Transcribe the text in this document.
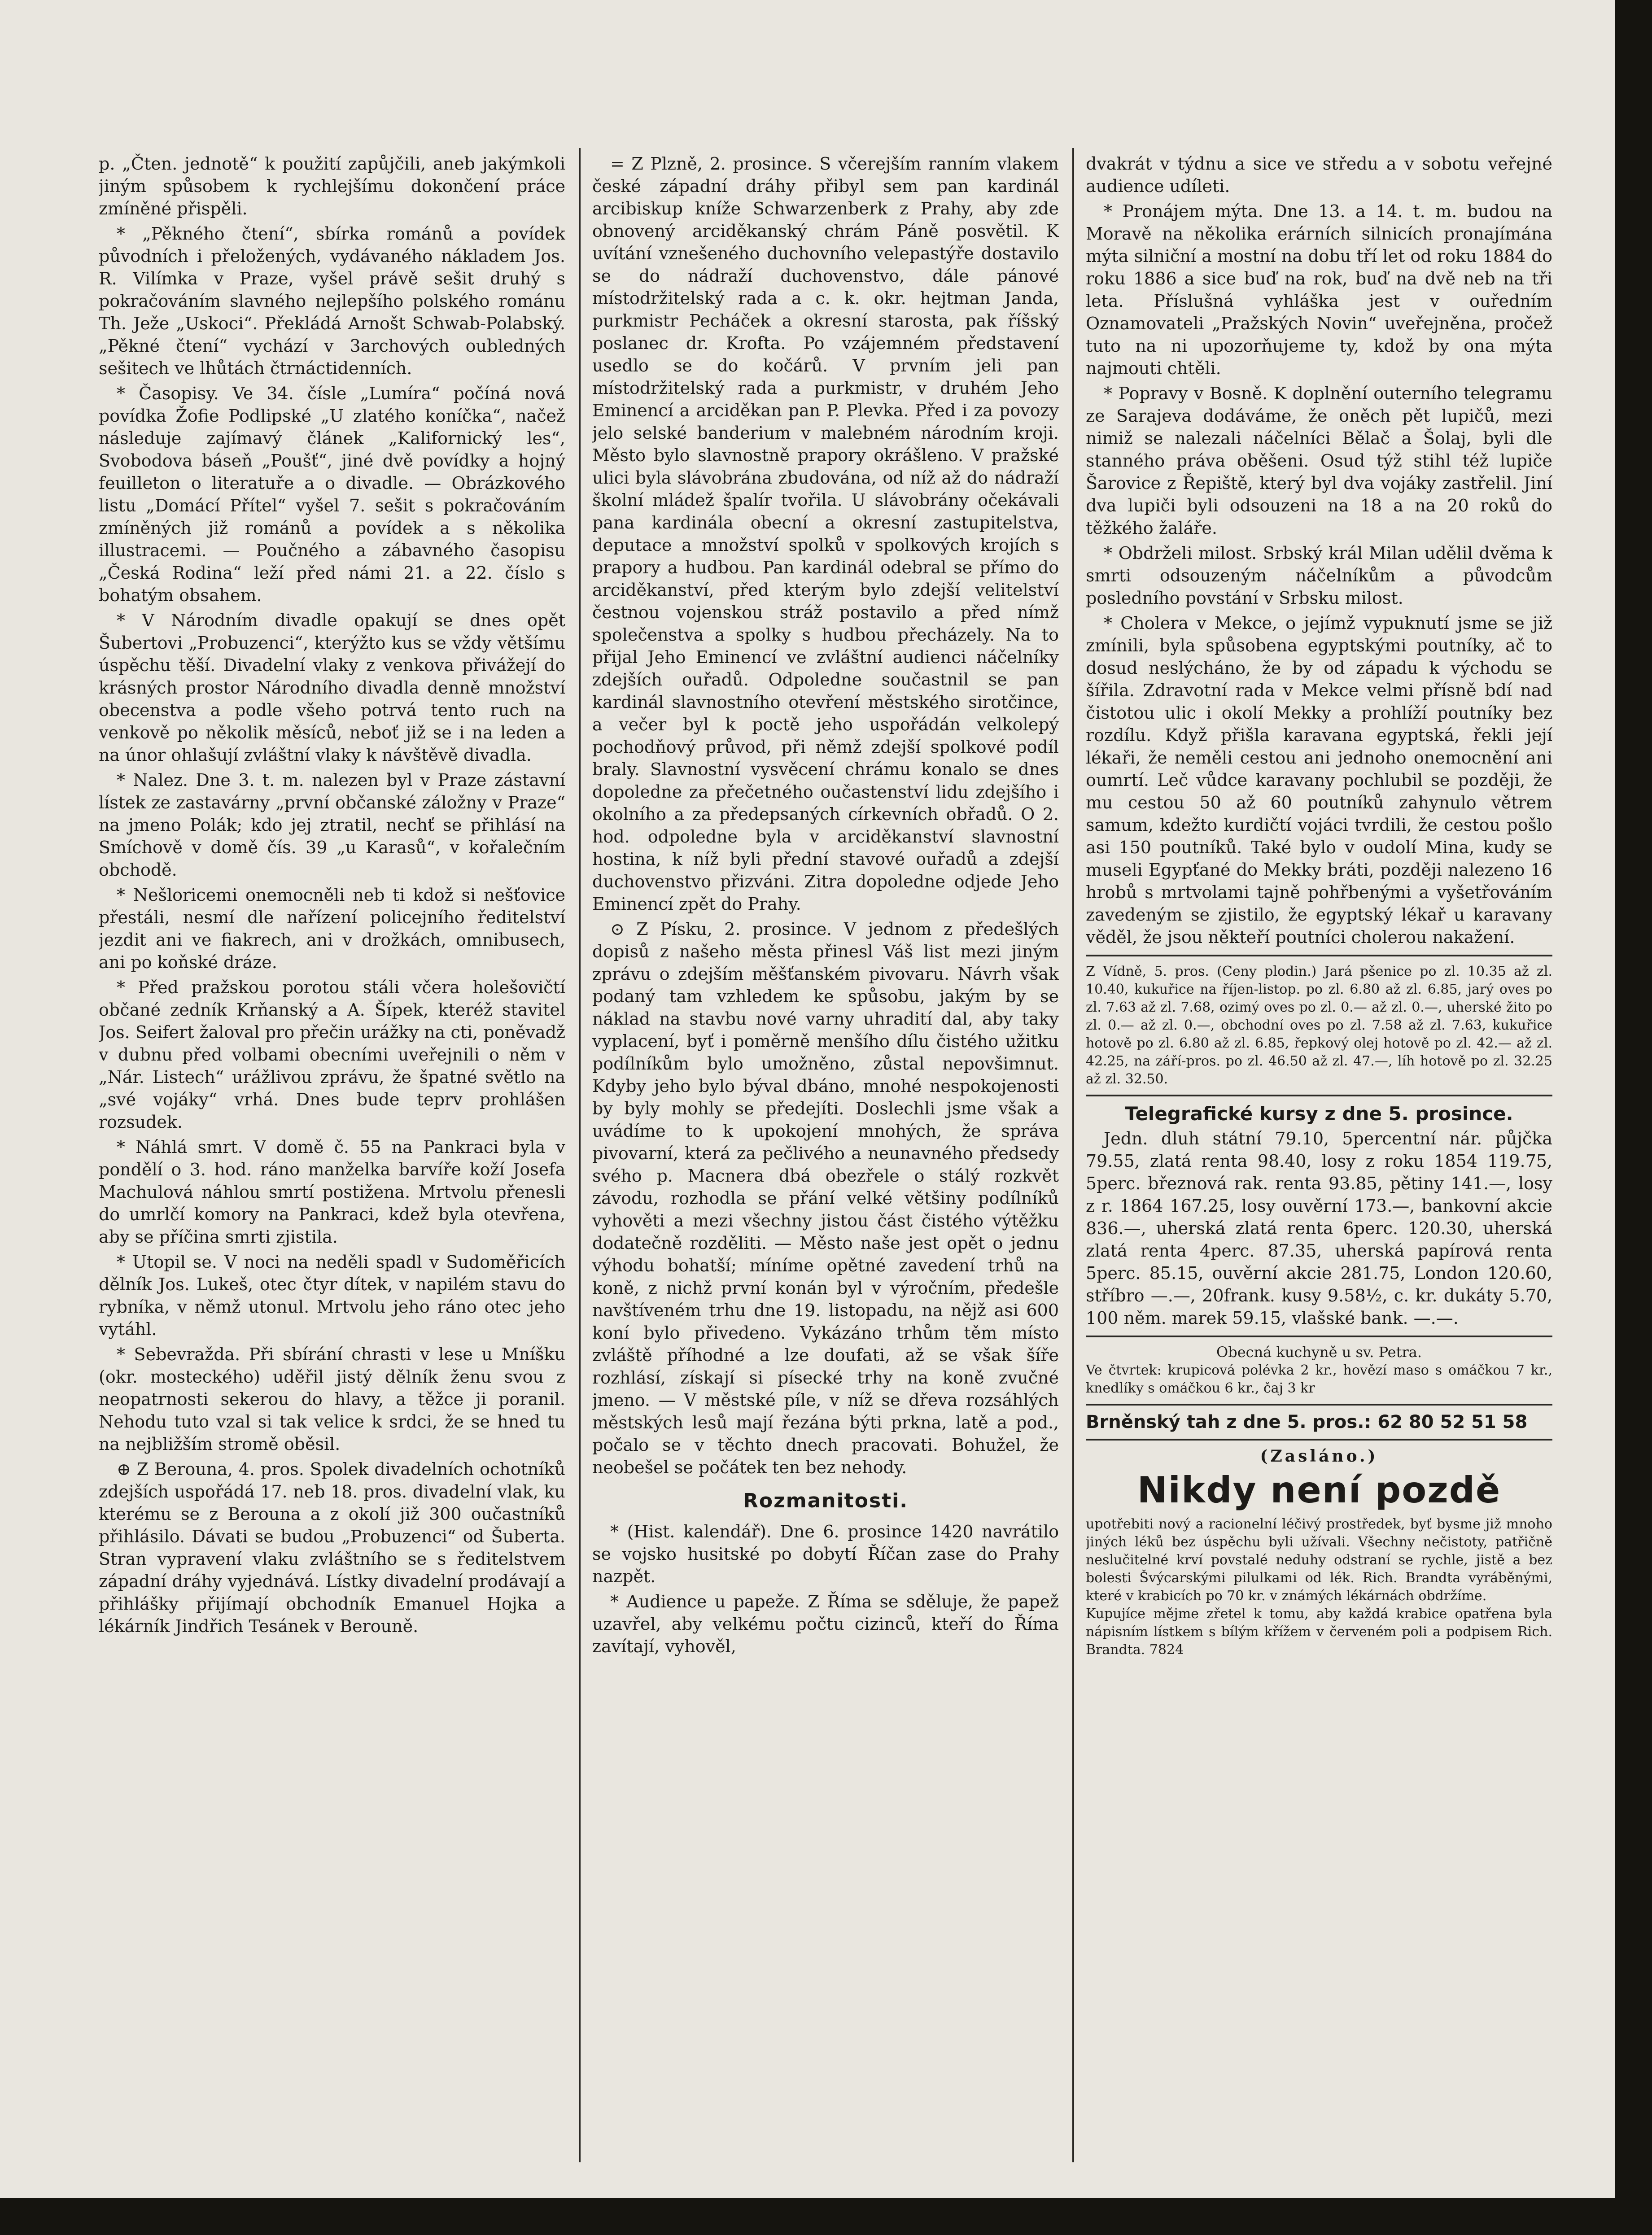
p. „Čten. jednotě“ k použití zapůjčili, aneb jakýmkoli jiným spůsobem k rychlejšímu dokončení práce zmíněné přispěli.

* „Pěkného čtení“, sbírka románů a povídek původních i přeložených, vydávaného nákladem Jos. R. Vilímka v Praze, vyšel právě sešit druhý s pokračováním slavného nejlepšího polského románu Th. Ježe „Uskoci“. Překládá Arnošt Schwab-Polabský. „Pěkné čtení“ vychází v 3archových oubledných sešitech ve lhůtách čtrnáctidenních.

* Časopisy. Ve 34. čísle „Lumíra“ počíná nová povídka Žofie Podlipské „U zlatého koníčka“, načež následuje zajímavý článek „Kalifornický les“, Svobodova báseň „Poušť“, jiné dvě povídky a hojný feuilleton o literatuře a o divadle. — Obrázkového listu „Domácí Přítel“ vyšel 7. sešit s pokračováním zmíněných již románů a povídek a s několika illustracemi. — Poučného a zábavného časopisu „Česká Rodina“ leží před námi 21. a 22. číslo s bohatým obsahem.

* V Národním divadle opakují se dnes opět Šubertovi „Probuzenci“, kterýžto kus se vždy většímu úspěchu těší. Divadelní vlaky z venkova přivážejí do krásných prostor Národního divadla denně množství obecenstva a podle všeho potrvá tento ruch na venkově po několik měsíců, neboť již se i na leden a na únor ohlašují zvláštní vlaky k návštěvě divadla.

* Nalez. Dne 3. t. m. nalezen byl v Praze zástavní lístek ze zastavárny „první občanské záložny v Praze“ na jmeno Polák; kdo jej ztratil, nechť se přihlásí na Smíchově v domě čís. 39 „u Karasů“, v kořalečním obchodě.

* Nešloricemi onemocněli neb ti kdož si nešťovice přestáli, nesmí dle nařízení policejního ředitelství jezdit ani ve fiakrech, ani v drožkách, omnibusech, ani po koňské dráze.

* Před pražskou porotou stáli včera holešovičtí občané zedník Krňanský a A. Šípek, kteréž stavitel Jos. Seifert žaloval pro přečin urážky na cti, poněvadž v dubnu před volbami obecními uveřejnili o něm v „Nár. Listech“ urážlivou zprávu, že špatné světlo na „své vojáky“ vrhá. Dnes bude teprv prohlášen rozsudek.

* Náhlá smrt. V domě č. 55 na Pankraci byla v pondělí o 3. hod. ráno manželka barvíře koží Josefa Machulová náhlou smrtí postižena. Mrtvolu přenesli do umrlčí komory na Pankraci, kdež byla otevřena, aby se příčina smrti zjistila.

* Utopil se. V noci na neděli spadl v Sudoměřicích dělník Jos. Lukeš, otec čtyr dítek, v napilém stavu do rybníka, v němž utonul. Mrtvolu jeho ráno otec jeho vytáhl.

* Sebevražda. Při sbírání chrasti v lese u Mníšku (okr. mosteckého) uděřil jistý dělník ženu svou z neopatrnosti sekerou do hlavy, a těžce ji poranil. Nehodu tuto vzal si tak velice k srdci, že se hned tu na nejbližším stromě oběsil.

⊕ Z Berouna, 4. pros. Spolek divadelních ochotníků zdejších uspořádá 17. neb 18. pros. divadelní vlak, ku kterému se z Berouna a z okolí již 300 oučastníků přihlásilo. Dávati se budou „Probuzenci“ od Šuberta. Stran vypravení vlaku zvláštního se s ředitelstvem západní dráhy vyjednává. Lístky divadelní prodávají a přihlášky přijímají obchodník Emanuel Hojka a lékárník Jindřich Tesánek v Berouně.

= Z Plzně, 2. prosince. S včerejším ranním vlakem české západní dráhy přibyl sem pan kardinál arcibiskup kníže Schwarzenberk z Prahy, aby zde obnovený arciděkanský chrám Páně posvětil. K uvítání vznešeného duchovního velepastýře dostavilo se do nádraží duchovenstvo, dále pánové místodržitelský rada a c. k. okr. hejtman Janda, purkmistr Pecháček a okresní starosta, pak říšský poslanec dr. Krofta. Po vzájemném představení usedlo se do kočárů. V prvním jeli pan místodržitelský rada a purkmistr, v druhém Jeho Eminencí a arciděkan pan P. Plevka. Před i za povozy jelo selské banderium v malebném národním kroji. Město bylo slavnostně prapory okrášleno. V pražské ulici byla slávobrána zbudována, od níž až do nádraží školní mládež špalír tvořila. U slávobrány očekávali pana kardinála obecní a okresní zastupitelstva, deputace a množství spolků v spolkových krojích s prapory a hudbou. Pan kardinál odebral se přímo do arciděkanství, před kterým bylo zdejší velitelství čestnou vojenskou stráž postavilo a před nímž společenstva a spolky s hudbou přecházely. Na to přijal Jeho Eminencí ve zvláštní audienci náčelníky zdejších ouřadů. Odpoledne součastnil se pan kardinál slavnostního otevření městského sirotčince, a večer byl k poctě jeho uspořádán velkolepý pochodňový průvod, při němž zdejší spolkové podíl braly. Slavnostní vysvěcení chrámu konalo se dnes dopoledne za přečetného oučastenství lidu zdejšího i okolního a za předepsaných církevních obřadů. O 2. hod. odpoledne byla v arciděkanství slavnostní hostina, k níž byli přední stavové ouřadů a zdejší duchovenstvo přizváni. Zitra dopoledne odjede Jeho Eminencí zpět do Prahy.

⊙ Z Písku, 2. prosince. V jednom z předešlých dopisů z našeho města přinesl Váš list mezi jiným zprávu o zdejším měšťanském pivovaru. Návrh však podaný tam vzhledem ke spůsobu, jakým by se náklad na stavbu nové varny uhradití dal, aby taky vyplacení, byť i poměrně menšího dílu čistého užitku podílníkům bylo umožněno, zůstal nepovšimnut. Kdyby jeho bylo býval dbáno, mnohé nespokojenosti by byly mohly se předejíti. Doslechli jsme však a uvádíme to k upokojení mnohých, že správa pivovarní, která za pečlivého a neunavného předsedy svého p. Macnera dbá obezřele o stálý rozkvět závodu, rozhodla se přání velké většiny podílníků vyhověti a mezi všechny jistou část čistého výtěžku dodatečně rozděliti. — Město naše jest opět o jednu výhodu bohatší; míníme opětné zavedení trhů na koně, z nichž první konán byl v výročním, předešle navštíveném trhu dne 19. listopadu, na nějž asi 600 koní bylo přivedeno. Vykázáno trhům těm místo zvláště příhodné a lze doufati, až se však šíře rozhlásí, získají si písecké trhy na koně zvučné jmeno. — V městské píle, v níž se dřeva rozsáhlých městských lesů mají řezána býti prkna, latě a pod., počalo se v těchto dnech pracovati. Bohužel, že neobešel se počátek ten bez nehody.

Rozmanitosti.

* (Hist. kalendář). Dne 6. prosince 1420 navrátilo se vojsko husitské po dobytí Říčan zase do Prahy nazpět.

* Audience u papeže. Z Říma se sděluje, že papež uzavřel, aby velkému počtu cizinců, kteří do Říma zavítají, vyhověl,

dvakrát v týdnu a sice ve středu a v sobotu veřejné audience udíleti.

* Pronájem mýta. Dne 13. a 14. t. m. budou na Moravě na několika erárních silnicích pronajímána mýta silniční a mostní na dobu tří let od roku 1884 do roku 1886 a sice buď na rok, buď na dvě neb na tři leta. Příslušná vyhláška jest v ouředním Oznamovateli „Pražských Novin“ uveřejněna, pročež tuto na ni upozorňujeme ty, kdož by ona mýta najmouti chtěli.

* Popravy v Bosně. K doplnění outerního telegramu ze Sarajeva dodáváme, že oněch pět lupičů, mezi nimiž se nalezali náčelníci Bělač a Šolaj, byli dle stanného práva oběšeni. Osud týž stihl též lupiče Šarovice z Řepiště, který byl dva vojáky zastřelil. Jiní dva lupiči byli odsouzeni na 18 a na 20 roků do těžkého žaláře.

* Obdrželi milost. Srbský král Milan udělil dvěma k smrti odsouzeným náčelníkům a původcům posledního povstání v Srbsku milost.

* Cholera v Mekce, o jejímž vypuknutí jsme se již zmínili, byla spůsobena egyptskými poutníky, ač to dosud neslýcháno, že by od západu k východu se šířila. Zdravotní rada v Mekce velmi přísně bdí nad čistotou ulic i okolí Mekky a prohlíží poutníky bez rozdílu. Když přišla karavana egyptská, řekli její lékaři, že neměli cestou ani jednoho onemocnění ani oumrtí. Leč vůdce karavany pochlubil se později, že mu cestou 50 až 60 poutníků zahynulo větrem samum, kdežto kurdičtí vojáci tvrdili, že cestou pošlo asi 150 poutníků. Také bylo v oudolí Mina, kudy se museli Egypťané do Mekky bráti, později nalezeno 16 hrobů s mrtvolami tajně pohřbenými a vyšetřováním zavedeným se zjistilo, že egyptský lékař u karavany věděl, že jsou někteří poutníci cholerou nakažení.

Z Vídně, 5. pros. (Ceny plodin.) Jará pšenice po zl. 10.35 až zl. 10.40, kukuřice na říjen-listop. po zl. 6.80 až zl. 6.85, jarý oves po zl. 7.63 až zl. 7.68, ozimý oves po zl. 0.— až zl. 0.—, uherské žito po zl. 0.— až zl. 0.—, obchodní oves po zl. 7.58 až zl. 7.63, kukuřice hotově po zl. 6.80 až zl. 6.85, řepkový olej hotově po zl. 42.— až zl. 42.25, na září-pros. po zl. 46.50 až zl. 47.—, líh hotově po zl. 32.25 až zl. 32.50.

Telegrafické kursy z dne 5. prosince.

Jedn. dluh státní 79.10, 5percentní nár. půjčka 79.55, zlatá renta 98.40, losy z roku 1854 119.75, 5perc. březnová rak. renta 93.85, pětiny 141.—, losy z r. 1864 167.25, losy ouvěrní 173.—, bankovní akcie 836.—, uherská zlatá renta 6perc. 120.30, uherská zlatá renta 4perc. 87.35, uherská papírová renta 5perc. 85.15, ouvěrní akcie 281.75, London 120.60, stříbro —.—, 20frank. kusy 9.58½, c. kr. dukáty 5.70, 100 něm. marek 59.15, vlašské bank. —.—.

Obecná kuchyně u sv. Petra.

Ve čtvrtek: krupicová polévka 2 kr., hovězí maso s omáčkou 7 kr., knedlíky s omáčkou 6 kr., čaj 3 kr

Brněnský tah z dne 5. pros.: 62 80 52 51 58
(Zasláno.)
Nikdy není pozdě

upotřebiti nový a racionelní léčivý prostředek, byť bysme již mnoho jiných léků bez úspěchu byli užívali. Všechny nečistoty, patřičně neslučitelné krví povstalé neduhy odstraní se rychle, jistě a bez bolesti Švýcarskými pilulkami od lék. Rich. Brandta vyráběnými, které v krabicích po 70 kr. v známých lékárnách obdržíme.

Kupujíce mějme zřetel k tomu, aby každá krabice opatřena byla nápisním lístkem s bílým křížem v červeném poli a podpisem Rich. Brandta. 7824
